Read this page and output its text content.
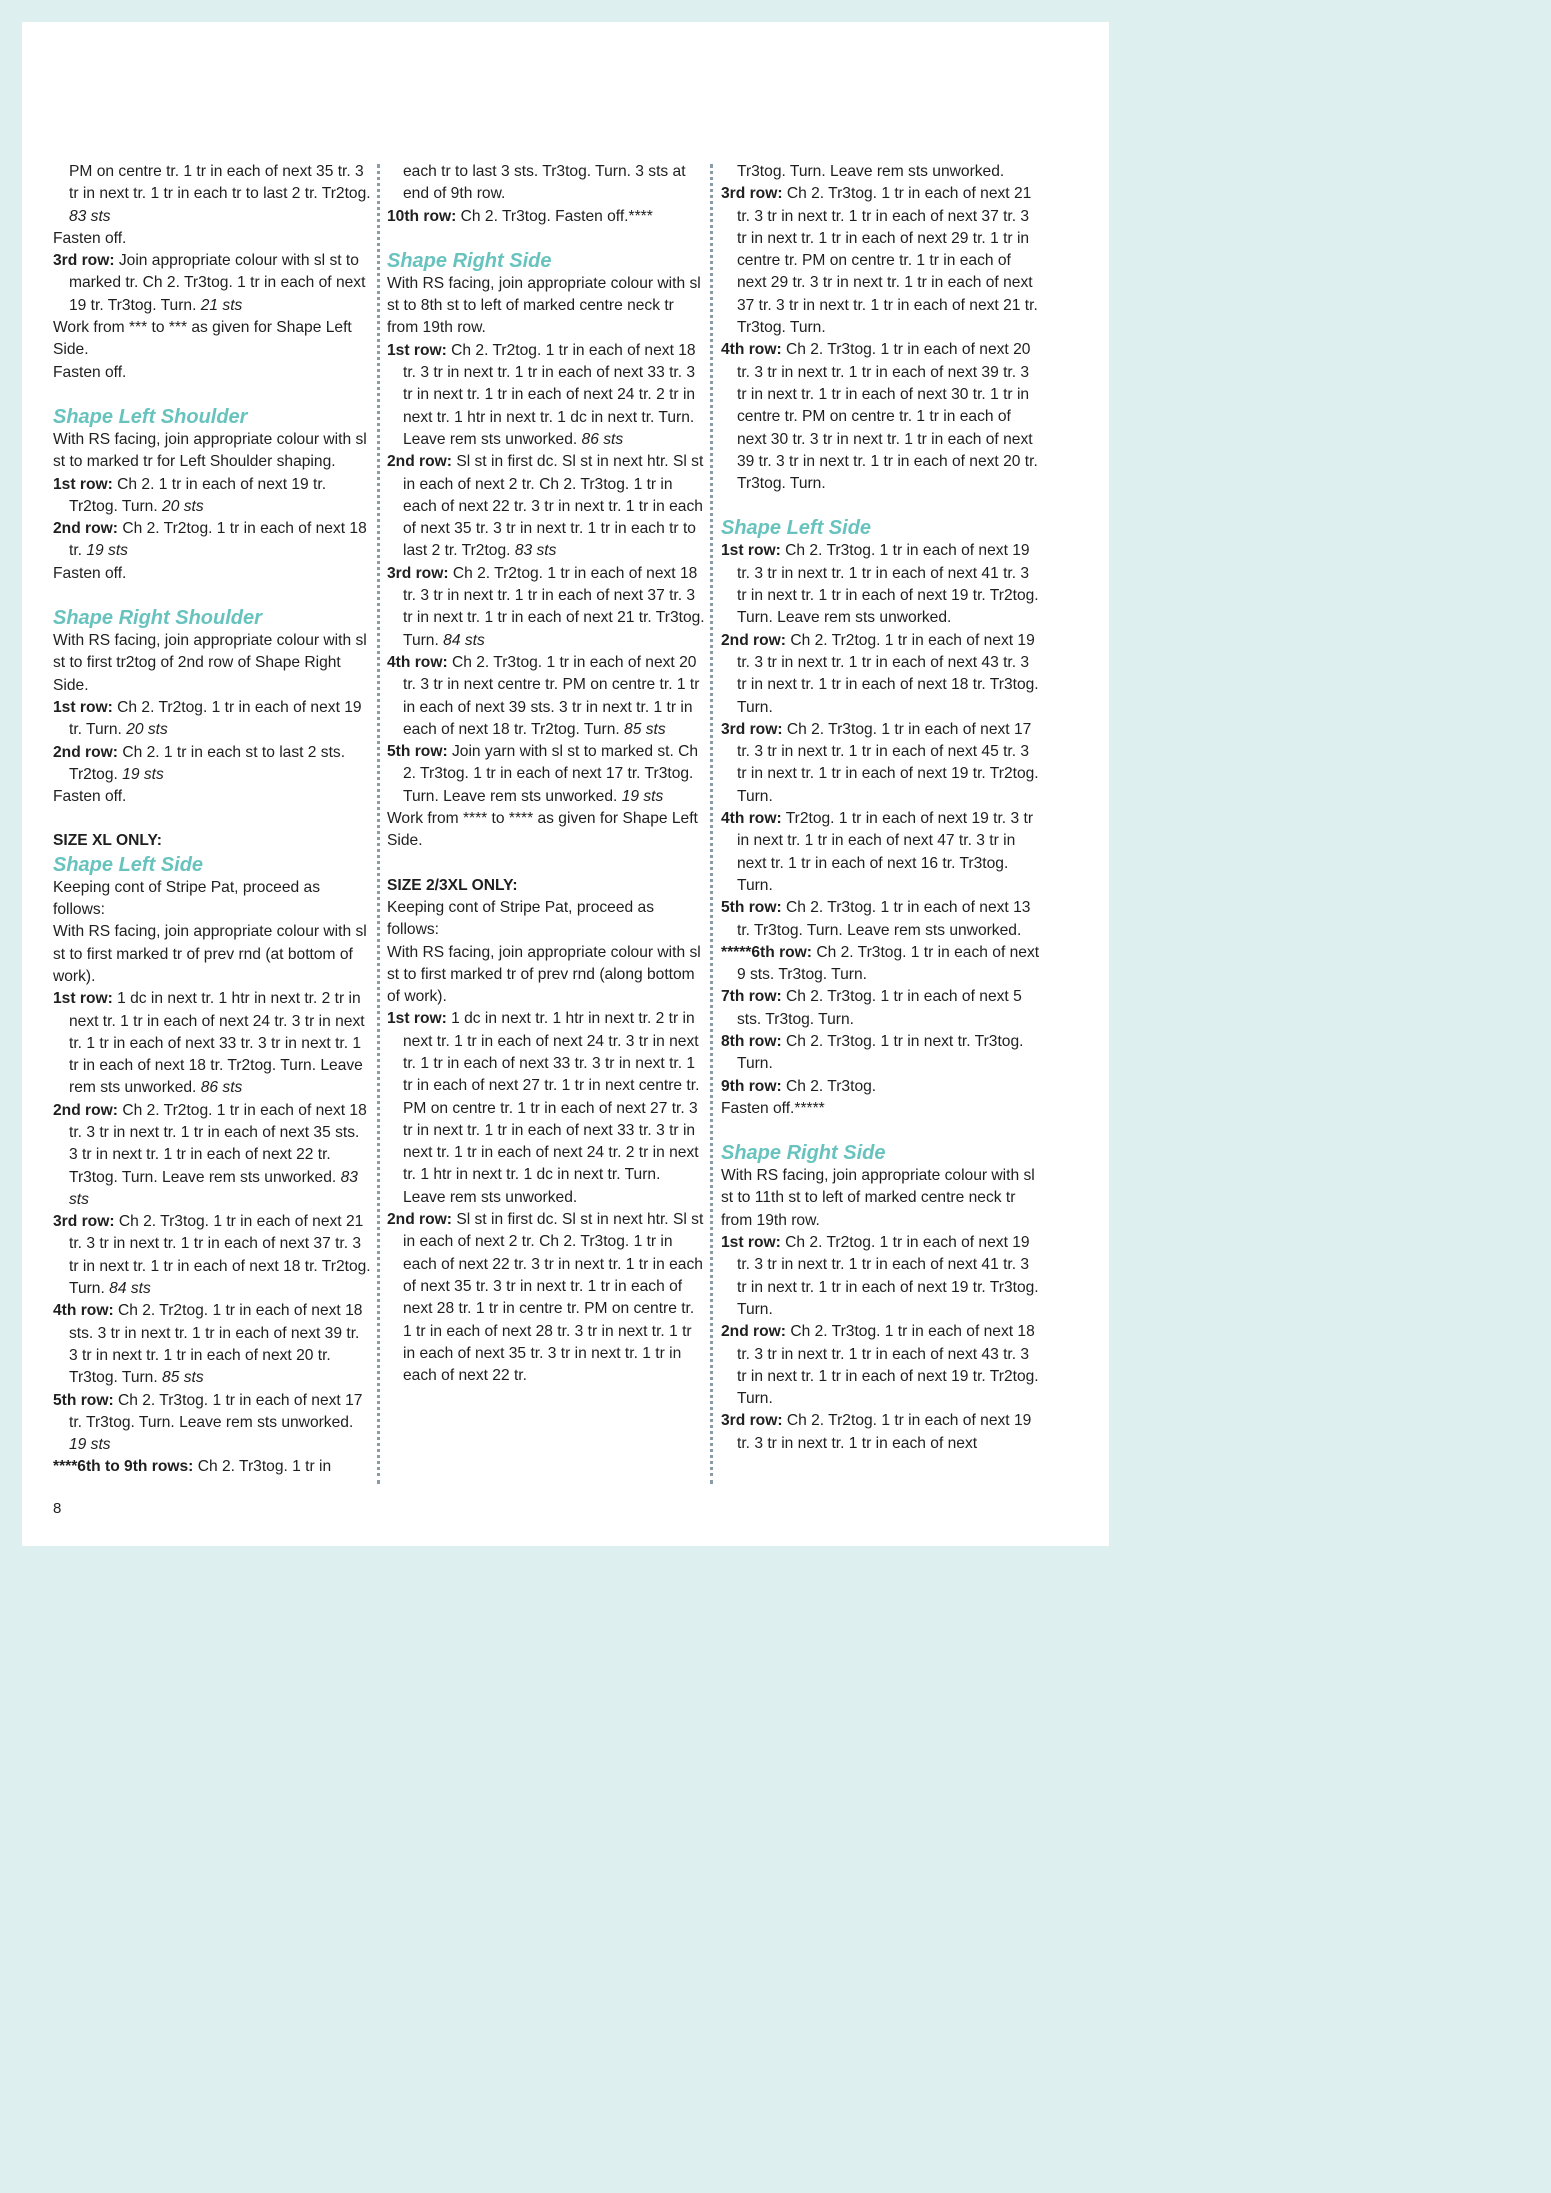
PM on centre tr. 1 tr in each of next 35 tr. 3 tr in next tr. 1 tr in each tr to last 2 tr. Tr2tog. 83 sts

Fasten off.

3rd row: Join appropriate colour with sl st to marked tr. Ch 2. Tr3tog. 1 tr in each of next 19 tr. Tr3tog. Turn. 21 sts

Work from *** to *** as given for Shape Left Side.

Fasten off.

Shape Left Shoulder

With RS facing, join appropriate colour with sl st to marked tr for Left Shoulder shaping.

1st row: Ch 2. 1 tr in each of next 19 tr. Tr2tog. Turn. 20 sts

2nd row: Ch 2. Tr2tog. 1 tr in each of next 18 tr. 19 sts

Fasten off.

Shape Right Shoulder

With RS facing, join appropriate colour with sl st to first tr2tog of 2nd row of Shape Right Side.

1st row: Ch 2. Tr2tog. 1 tr in each of next 19 tr. Turn. 20 sts

2nd row: Ch 2. 1 tr in each st to last 2 sts. Tr2tog. 19 sts

Fasten off.

SIZE XL ONLY:

Shape Left Side

Keeping cont of Stripe Pat, proceed as follows:

With RS facing, join appropriate colour with sl st to first marked tr of prev rnd (at bottom of work).

1st row: 1 dc in next tr. 1 htr in next tr. 2 tr in next tr. 1 tr in each of next 24 tr. 3 tr in next tr. 1 tr in each of next 33 tr. 3 tr in next tr. 1 tr in each of next 18 tr. Tr2tog. Turn. Leave rem sts unworked. 86 sts

2nd row: Ch 2. Tr2tog. 1 tr in each of next 18 tr. 3 tr in next tr. 1 tr in each of next 35 sts. 3 tr in next tr. 1 tr in each of next 22 tr. Tr3tog. Turn. Leave rem sts unworked. 83 sts

3rd row: Ch 2. Tr3tog. 1 tr in each of next 21 tr. 3 tr in next tr. 1 tr in each of next 37 tr. 3 tr in next tr. 1 tr in each of next 18 tr. Tr2tog. Turn. 84 sts

4th row: Ch 2. Tr2tog. 1 tr in each of next 18 sts. 3 tr in next tr. 1 tr in each of next 39 tr. 3 tr in next tr. 1 tr in each of next 20 tr. Tr3tog. Turn. 85 sts

5th row: Ch 2. Tr3tog. 1 tr in each of next 17 tr. Tr3tog. Turn. Leave rem sts unworked. 19 sts

****6th to 9th rows: Ch 2. Tr3tog. 1 tr in

each tr to last 3 sts. Tr3tog. Turn. 3 sts at end of 9th row.

10th row: Ch 2. Tr3tog. Fasten off.****

Shape Right Side

With RS facing, join appropriate colour with sl st to 8th st to left of marked centre neck tr from 19th row.

1st row: Ch 2. Tr2tog. 1 tr in each of next 18 tr. 3 tr in next tr. 1 tr in each of next 33 tr. 3 tr in next tr. 1 tr in each of next 24 tr. 2 tr in next tr. 1 htr in next tr. 1 dc in next tr. Turn. Leave rem sts unworked. 86 sts

2nd row: Sl st in first dc. Sl st in next htr. Sl st in each of next 2 tr. Ch 2. Tr3tog. 1 tr in each of next 22 tr. 3 tr in next tr. 1 tr in each of next 35 tr. 3 tr in next tr. 1 tr in each tr to last 2 tr. Tr2tog. 83 sts

3rd row: Ch 2. Tr2tog. 1 tr in each of next 18 tr. 3 tr in next tr. 1 tr in each of next 37 tr. 3 tr in next tr. 1 tr in each of next 21 tr. Tr3tog. Turn. 84 sts

4th row: Ch 2. Tr3tog. 1 tr in each of next 20 tr. 3 tr in next centre tr. PM on centre tr. 1 tr in each of next 39 sts. 3 tr in next tr. 1 tr in each of next 18 tr. Tr2tog. Turn. 85 sts

5th row: Join yarn with sl st to marked st. Ch 2. Tr3tog. 1 tr in each of next 17 tr. Tr3tog. Turn. Leave rem sts unworked. 19 sts

Work from **** to **** as given for Shape Left Side.

SIZE 2/3XL ONLY:

Keeping cont of Stripe Pat, proceed as follows:

With RS facing, join appropriate colour with sl st to first marked tr of prev rnd (along bottom of work).

1st row: 1 dc in next tr. 1 htr in next tr. 2 tr in next tr. 1 tr in each of next 24 tr. 3 tr in next tr. 1 tr in each of next 33 tr. 3 tr in next tr. 1 tr in each of next 27 tr. 1 tr in next centre tr. PM on centre tr. 1 tr in each of next 27 tr. 3 tr in next tr. 1 tr in each of next 33 tr. 3 tr in next tr. 1 tr in each of next 24 tr. 2 tr in next tr. 1 htr in next tr. 1 dc in next tr. Turn. Leave rem sts unworked.

2nd row: Sl st in first dc. Sl st in next htr. Sl st in each of next 2 tr. Ch 2. Tr3tog. 1 tr in each of next 22 tr. 3 tr in next tr. 1 tr in each of next 35 tr. 3 tr in next tr. 1 tr in each of next 28 tr. 1 tr in centre tr. PM on centre tr. 1 tr in each of next 28 tr. 3 tr in next tr. 1 tr in each of next 35 tr. 3 tr in next tr. 1 tr in each of next 22 tr.

Tr3tog. Turn. Leave rem sts unworked.

3rd row: Ch 2. Tr3tog. 1 tr in each of next 21 tr. 3 tr in next tr. 1 tr in each of next 37 tr. 3 tr in next tr. 1 tr in each of next 29 tr. 1 tr in centre tr. PM on centre tr. 1 tr in each of next 29 tr. 3 tr in next tr. 1 tr in each of next 37 tr. 3 tr in next tr. 1 tr in each of next 21 tr. Tr3tog. Turn.

4th row: Ch 2. Tr3tog. 1 tr in each of next 20 tr. 3 tr in next tr. 1 tr in each of next 39 tr. 3 tr in next tr. 1 tr in each of next 30 tr. 1 tr in centre tr. PM on centre tr. 1 tr in each of next 30 tr. 3 tr in next tr. 1 tr in each of next 39 tr. 3 tr in next tr. 1 tr in each of next 20 tr. Tr3tog. Turn.

Shape Left Side

1st row: Ch 2. Tr3tog. 1 tr in each of next 19 tr. 3 tr in next tr. 1 tr in each of next 41 tr. 3 tr in next tr. 1 tr in each of next 19 tr. Tr2tog. Turn. Leave rem sts unworked.

2nd row: Ch 2. Tr2tog. 1 tr in each of next 19 tr. 3 tr in next tr. 1 tr in each of next 43 tr. 3 tr in next tr. 1 tr in each of next 18 tr. Tr3tog. Turn.

3rd row: Ch 2. Tr3tog. 1 tr in each of next 17 tr. 3 tr in next tr. 1 tr in each of next 45 tr. 3 tr in next tr. 1 tr in each of next 19 tr. Tr2tog. Turn.

4th row: Tr2tog. 1 tr in each of next 19 tr. 3 tr in next tr. 1 tr in each of next 47 tr. 3 tr in next tr. 1 tr in each of next 16 tr. Tr3tog. Turn.

5th row: Ch 2. Tr3tog. 1 tr in each of next 13 tr. Tr3tog. Turn. Leave rem sts unworked.

*****6th row: Ch 2. Tr3tog. 1 tr in each of next 9 sts. Tr3tog. Turn.

7th row: Ch 2. Tr3tog. 1 tr in each of next 5 sts. Tr3tog. Turn.

8th row: Ch 2. Tr3tog. 1 tr in next tr. Tr3tog. Turn.

9th row: Ch 2. Tr3tog.

Fasten off.*****

Shape Right Side

With RS facing, join appropriate colour with sl st to 11th st to left of marked centre neck tr from 19th row.

1st row: Ch 2. Tr2tog. 1 tr in each of next 19 tr. 3 tr in next tr. 1 tr in each of next 41 tr. 3 tr in next tr. 1 tr in each of next 19 tr. Tr3tog. Turn.

2nd row: Ch 2. Tr3tog. 1 tr in each of next 18 tr. 3 tr in next tr. 1 tr in each of next 43 tr. 3 tr in next tr. 1 tr in each of next 19 tr. Tr2tog. Turn.

3rd row: Ch 2. Tr2tog. 1 tr in each of next 19 tr. 3 tr in next tr. 1 tr in each of next

8
